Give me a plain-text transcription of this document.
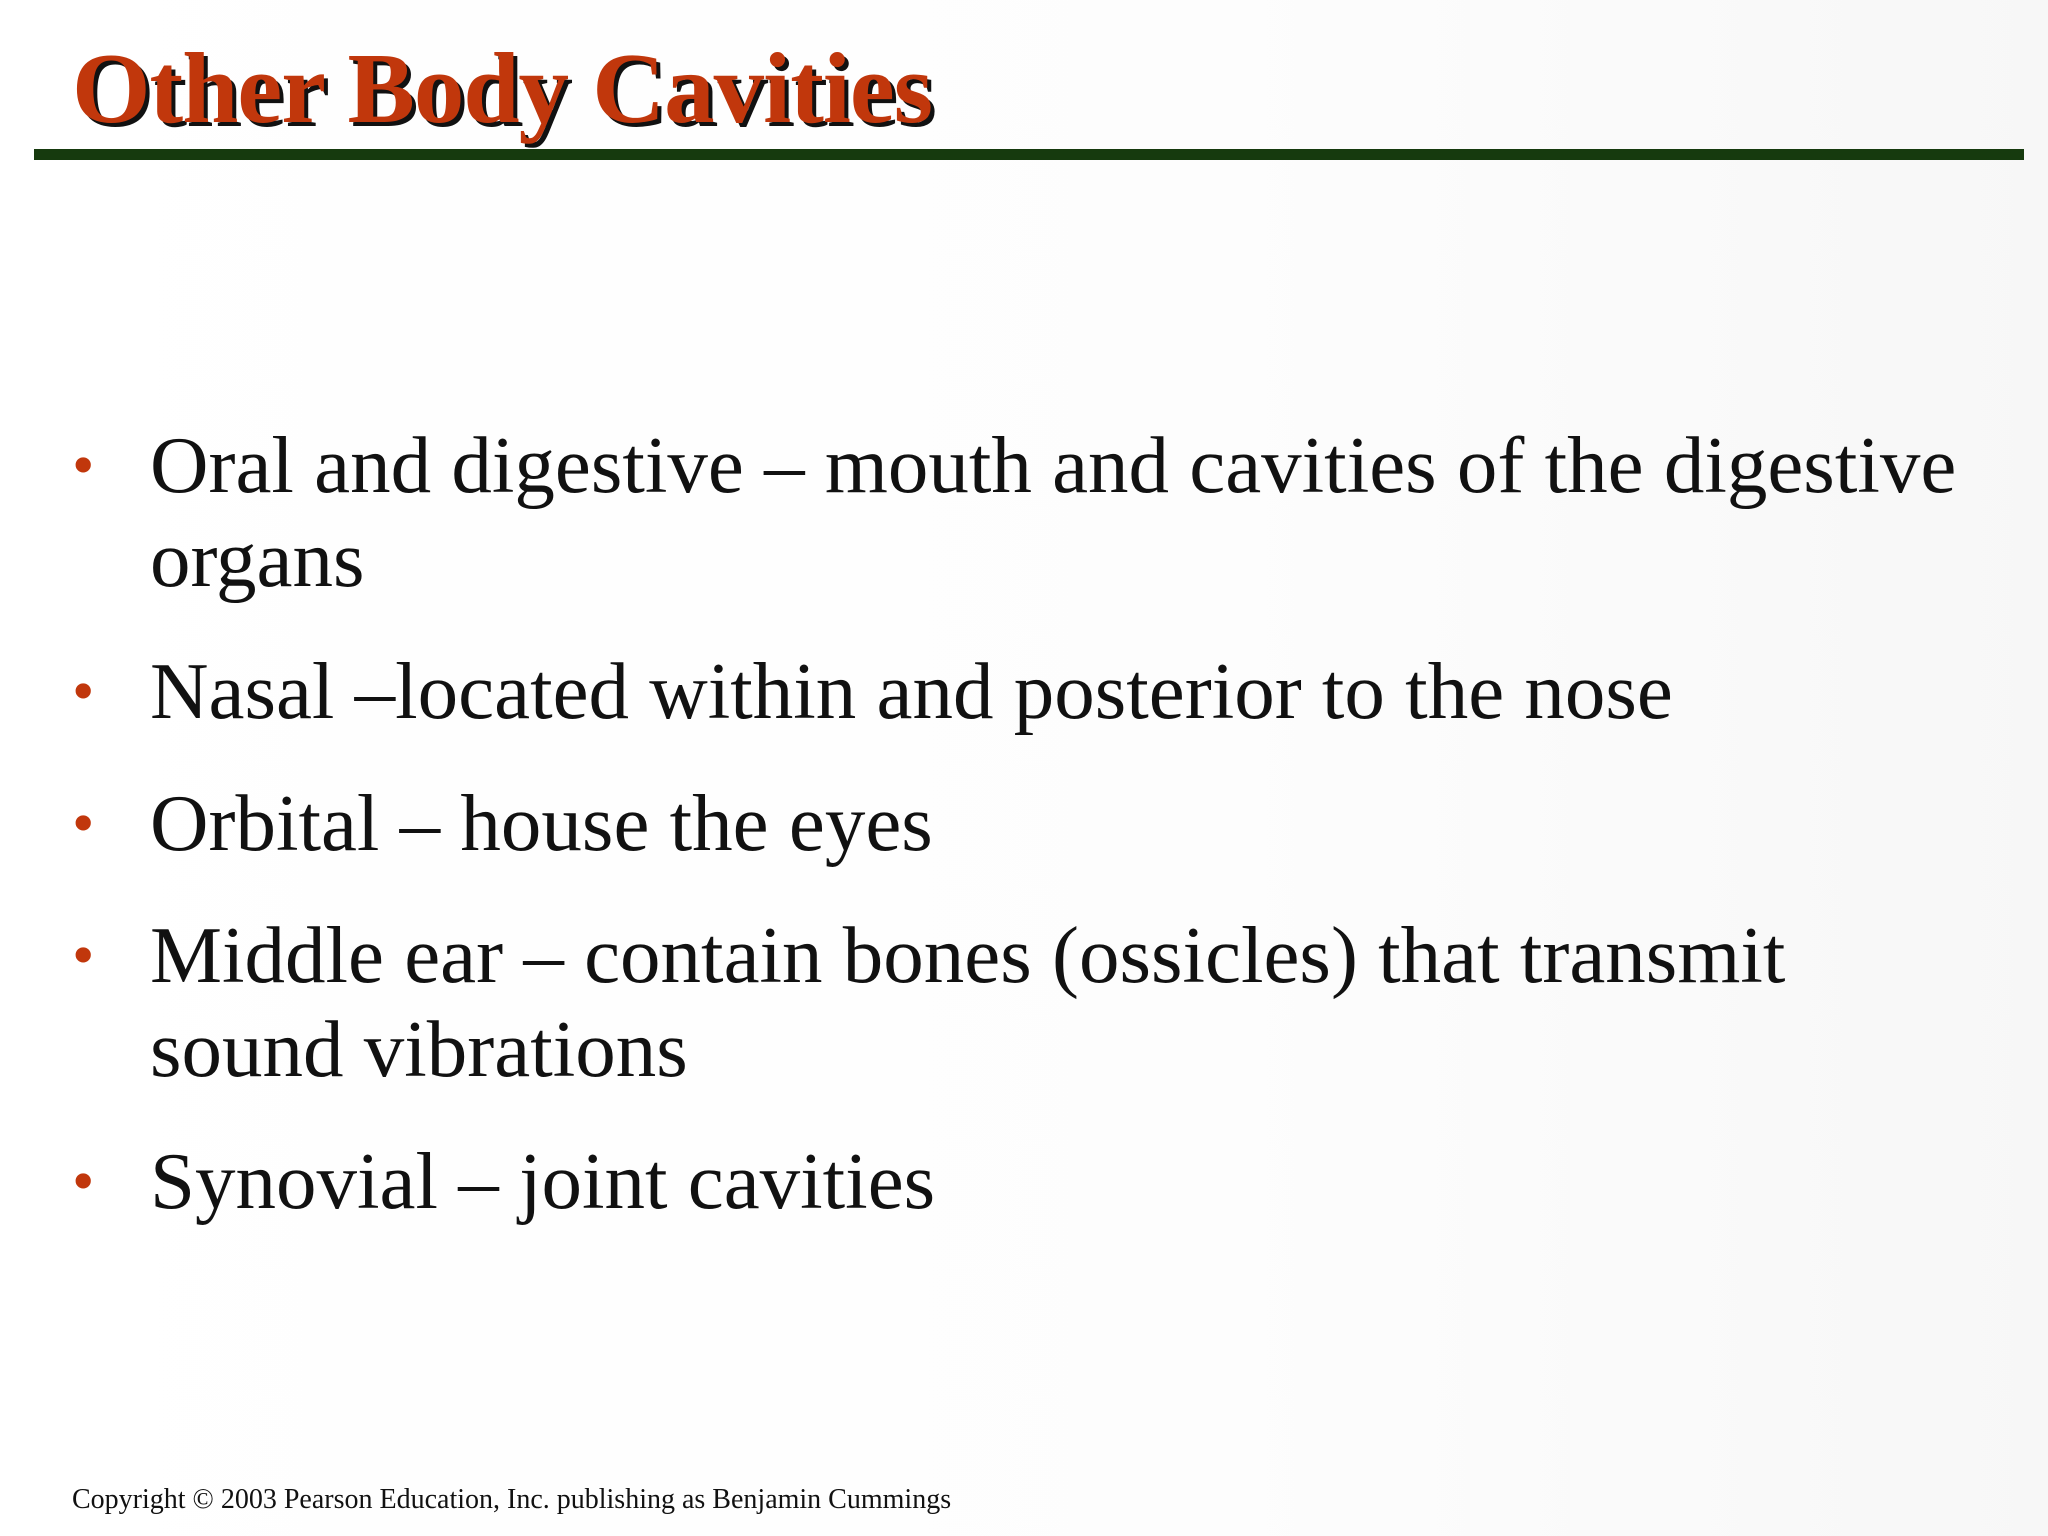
Other Body Cavities
• Oral and digestive – mouth and cavities of the digestive organs
• Nasal –located within and posterior to the nose
• Orbital – house the eyes
• Middle ear – contain bones (ossicles) that transmit sound vibrations
• Synovial – joint cavities
Copyright © 2003 Pearson Education, Inc. publishing as Benjamin Cummings
